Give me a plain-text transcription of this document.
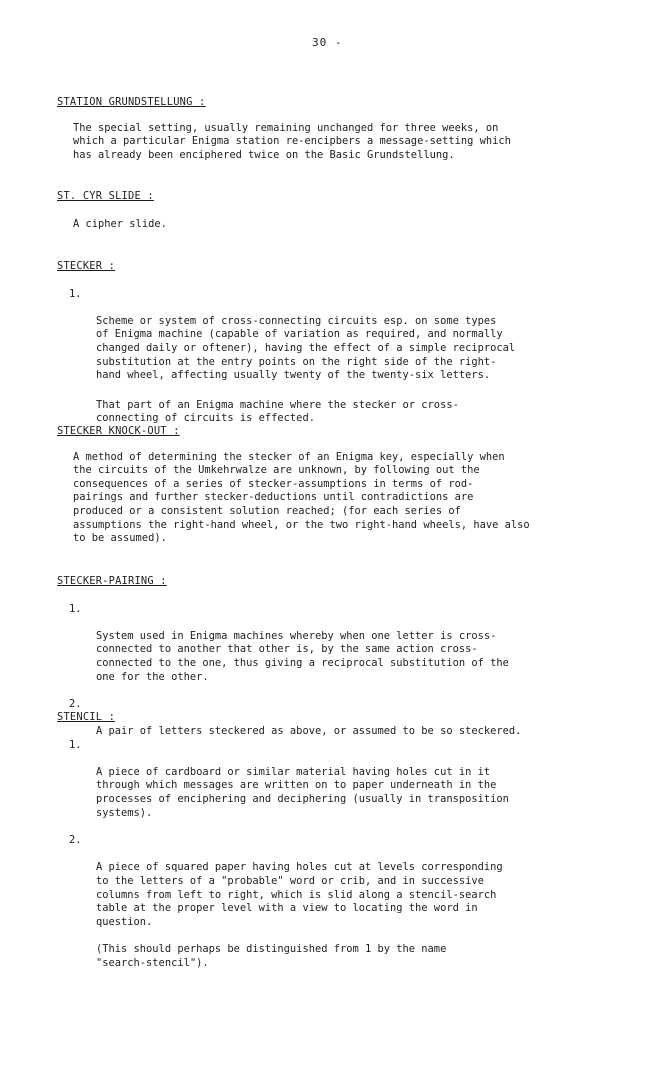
30 -
STATION GRUNDSTELLUNG :
The special setting, usually remaining unchanged for three weeks, on
which a particular Enigma station re-encipbers a message-setting which
has already been enciphered twice on the Basic Grundstellung.
ST. CYR SLIDE :
A cipher slide.
STECKER :

1.

Scheme or system of cross-connecting circuits esp. on some types
of Enigma machine (capable of variation as required, and normally
changed daily or oftener), having the effect of a simple reciprocal
substitution at the entry points on the right side of the right-
hand wheel, affecting usually twenty of the twenty-six letters.

That part of an Enigma machine where the stecker or cross-
connecting of circuits is effected.
STECKER KNOCK-OUT :
A method of determining the stecker of an Enigma key, especially when
the circuits of the Umkehrwalze are unknown, by following out the
consequences of a series of stecker-assumptions in terms of rod-
pairings and further stecker-deductions until contradictions are
produced or a consistent solution reached; (for each series of
assumptions the right-hand wheel, or the two right-hand wheels, have also
to be assumed).
STECKER-PAIRING :

1.

System used in Enigma machines whereby when one letter is cross-
connected to another that other is, by the same action cross-
connected to the one, thus giving a reciprocal substitution of the
one for the other.

2.

A pair of letters steckered as above, or assumed to be so steckered.

STENCIL :

1.

A piece of cardboard or similar material having holes cut in it
through which messages are written on to paper underneath in the
processes of enciphering and deciphering (usually in transposition
systems).

2.

A piece of squared paper having holes cut at levels corresponding
to the letters of a "probable" word or crib, and in successive
columns from left to right, which is slid along a stencil-search
table at the proper level with a view to locating the word in
question.

(This should perhaps be distinguished from 1 by the name
"search-stencil").
